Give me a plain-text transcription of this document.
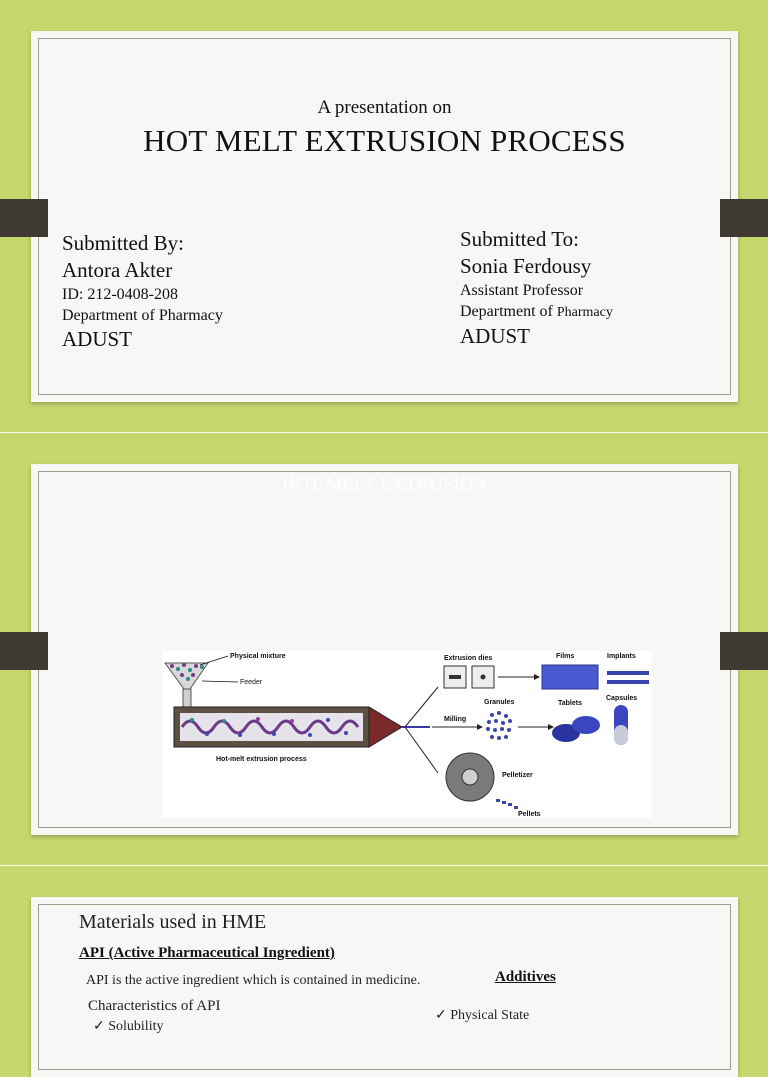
A presentation on
HOT MELT EXTRUSION PROCESS
Submitted By:
Antora Akter
ID: 212-0408-208
Department of Pharmacy
ADUST
Submitted To:
Sonia Ferdousy
Assistant Professor
Department of Pharmacy
ADUST
HOT MELT EXTRUSION
Physical mixture
Feeder
Hot-melt extrusion process
Extrusion dies	Films	Implants
Milling
Granules	Tablets
Capsules
Pelletizer
Pellets
Materials used in HME
API (Active Pharmaceutical Ingredient)
API is the active ingredient which is contained in medicine.	Additives
Characteristics of API
✓ Solubility
✓ Physical State
